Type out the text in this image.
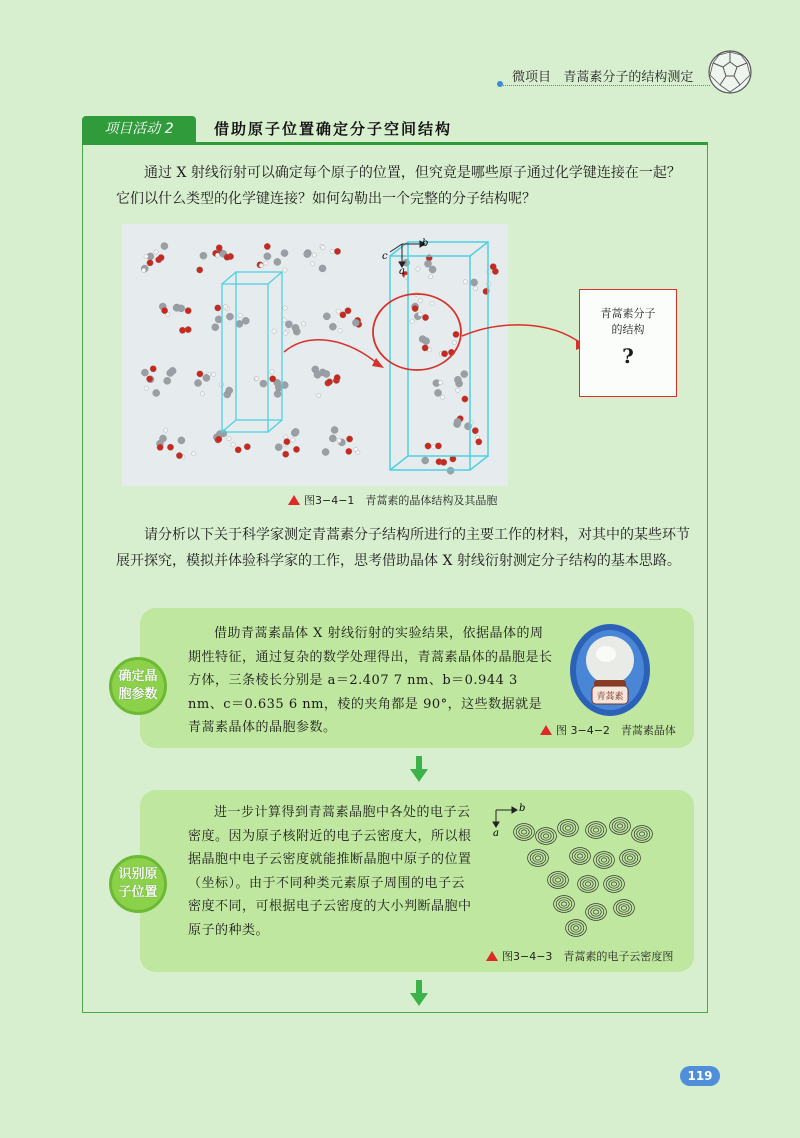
微项目 青蒿素分子的结构测定
项目活动 2	借助原子位置确定分子空间结构
通过 X 射线衍射可以确定每个原子的位置，但究竟是哪些原子通过化学键连接在一起？它们以什么类型的化学键连接？如何勾勒出一个完整的分子结构呢？
b
c
a
青蒿素分子
的结构
?
图3−4−1　青蒿素的晶体结构及其晶胞
请分析以下关于科学家测定青蒿素分子结构所进行的主要工作的材料，对其中的某些环节展开探究，模拟并体验科学家的工作，思考借助晶体 X 射线衍射测定分子结构的基本思路。
确定晶
胞参数
借助青蒿素晶体 X 射线衍射的实验结果，依据晶体的周期性特征，通过复杂的数学处理得出，青蒿素晶体的晶胞是长方体，三条棱长分别是 a＝2.407 7 nm、b＝0.944 3 nm、c＝0.635 6 nm，棱的夹角都是 90°，这些数据就是青蒿素晶体的晶胞参数。
青蒿素
图 3−4−2　青蒿素晶体
识别原
子位置
进一步计算得到青蒿素晶胞中各处的电子云密度。因为原子核附近的电子云密度大，所以根据晶胞中电子云密度就能推断晶胞中原子的位置（坐标）。由于不同种类元素原子周围的电子云密度不同，可根据电子云密度的大小判断晶胞中原子的种类。
b
a
图3−4−3　青蒿素的电子云密度图
119
